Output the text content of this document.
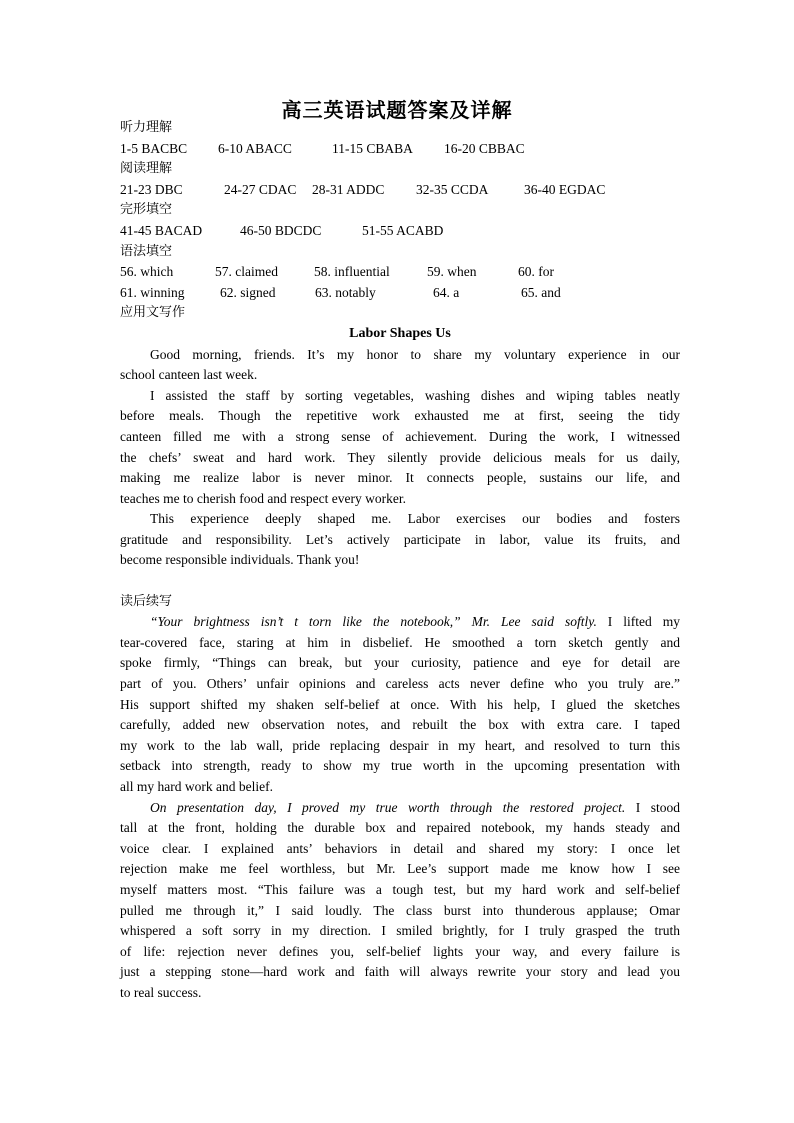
高三英语试题答案及详解
听力理解
1-5 BACBC 6-10 ABACC	11-15 CBABA 16-20 CBBAC
阅读理解
21-23 DBC	24-27 CDAC 28-31 ADDC 32-35 CCDA	36-40 EGDAC
完形填空
41-45 BACAD	46-50 BDCDC	51-55 ACABD
语法填空
56. which	57. claimed	58. influential	59. when	60. for
61. winning	62. signed	63. notably	64. a	65. and
应用文写作
Labor Shapes Us
Good morning, friends. It’s my honor to share my voluntary experience in our
school canteen last week.
I assisted the staff by sorting vegetables, washing dishes and wiping tables neatly
before meals. Though the repetitive work exhausted me at first, seeing the tidy
canteen filled me with a strong sense of achievement. During the work, I witnessed
the chefs’ sweat and hard work. They silently provide delicious meals for us daily,
making me realize labor is never minor. It connects people, sustains our life, and
teaches me to cherish food and respect every worker.
This experience deeply shaped me. Labor exercises our bodies and fosters
gratitude and responsibility. Let’s actively participate in labor, value its fruits, and
become responsible individuals. Thank you!
读后续写
“Your brightness isn’t t torn like the notebook,” Mr. Lee said softly. I lifted my
tear-covered face, staring at him in disbelief. He smoothed a torn sketch gently and
spoke firmly, “Things can break, but your curiosity, patience and eye for detail are
part of you. Others’ unfair opinions and careless acts never define who you truly are.”
His support shifted my shaken self-belief at once. With his help, I glued the sketches
carefully, added new observation notes, and rebuilt the box with extra care. I taped
my work to the lab wall, pride replacing despair in my heart, and resolved to turn this
setback into strength, ready to show my true worth in the upcoming presentation with
all my hard work and belief.
On presentation day, I proved my true worth through the restored project. I stood
tall at the front, holding the durable box and repaired notebook, my hands steady and
voice clear. I explained ants’ behaviors in detail and shared my story: I once let
rejection make me feel worthless, but Mr. Lee’s support made me know how I see
myself matters most. “This failure was a tough test, but my hard work and self-belief
pulled me through it,” I said loudly. The class burst into thunderous applause; Omar
whispered a soft sorry in my direction. I smiled brightly, for I truly grasped the truth
of life: rejection never defines you, self-belief lights your way, and every failure is
just a stepping stone—hard work and faith will always rewrite your story and lead you
to real success.
